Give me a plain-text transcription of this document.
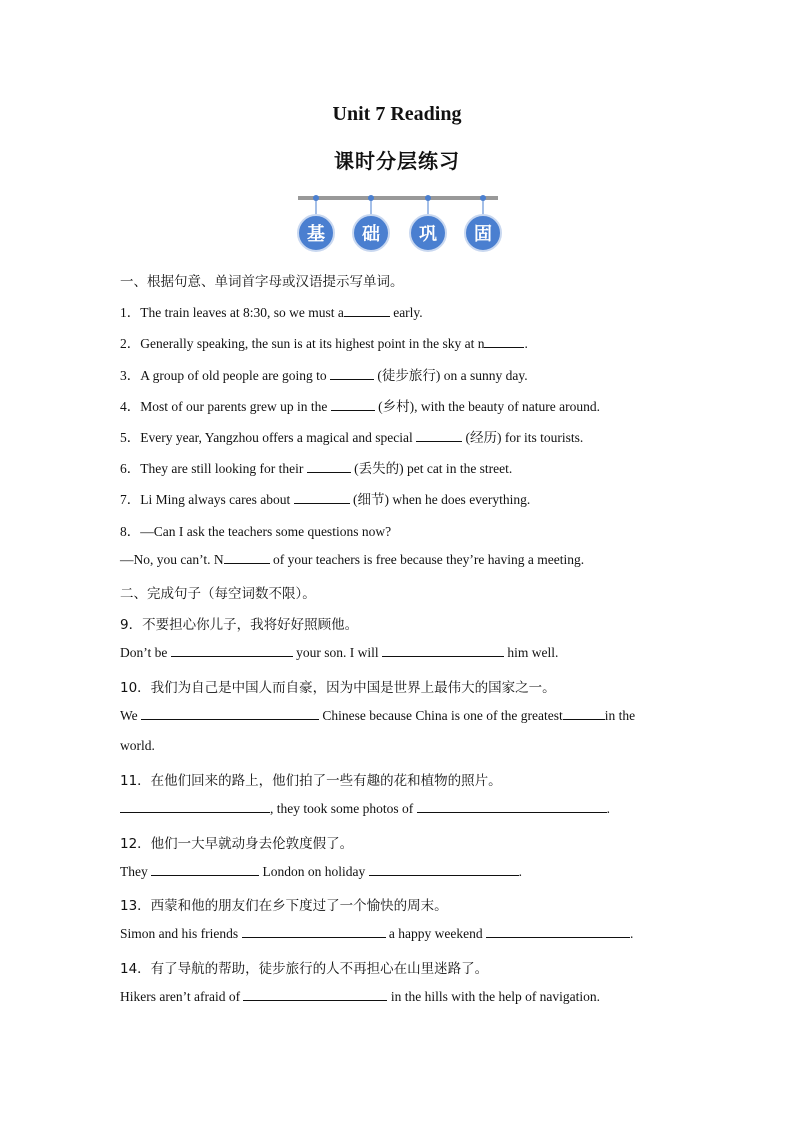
Unit 7 Reading
课时分层练习
基 础 巩 固
一、根据句意、单词首字母或汉语提示写单词。
1．The train leaves at 8:30, so we must a	early.
2．Generally speaking, the sun is at its highest point in the sky at n	.
3．A group of old people are going to	(徒步旅行) on a sunny day.
4．Most of our parents grew up in the	(乡村), with the beauty of nature around.
5．Every year, Yangzhou offers a magical and special	(经历) for its tourists.
6．They are still looking for their	(丢失的) pet cat in the street.
7．Li Ming always cares about	(细节) when he does everything.
8．—Can I ask the teachers some questions now?
—No, you can’t. N	of your teachers is free because they’re having a meeting.
二、完成句子（每空词数不限）。
9．不要担心你儿子，我将好好照顾他。
Don’t be	your son. I will	him well.
10．我们为自己是中国人而自豪，因为中国是世界上最伟大的国家之一。
We	Chinese because China is one of the greatest	in the
world.
11．在他们回来的路上，他们拍了一些有趣的花和植物的照片。
, they took some photos of	.
12．他们一大早就动身去伦敦度假了。
They	London on holiday	.
13．西蒙和他的朋友们在乡下度过了一个愉快的周末。
Simon and his friends	a happy weekend	.
14．有了导航的帮助，徒步旅行的人不再担心在山里迷路了。
Hikers aren’t afraid of	in the hills with the help of navigation.
